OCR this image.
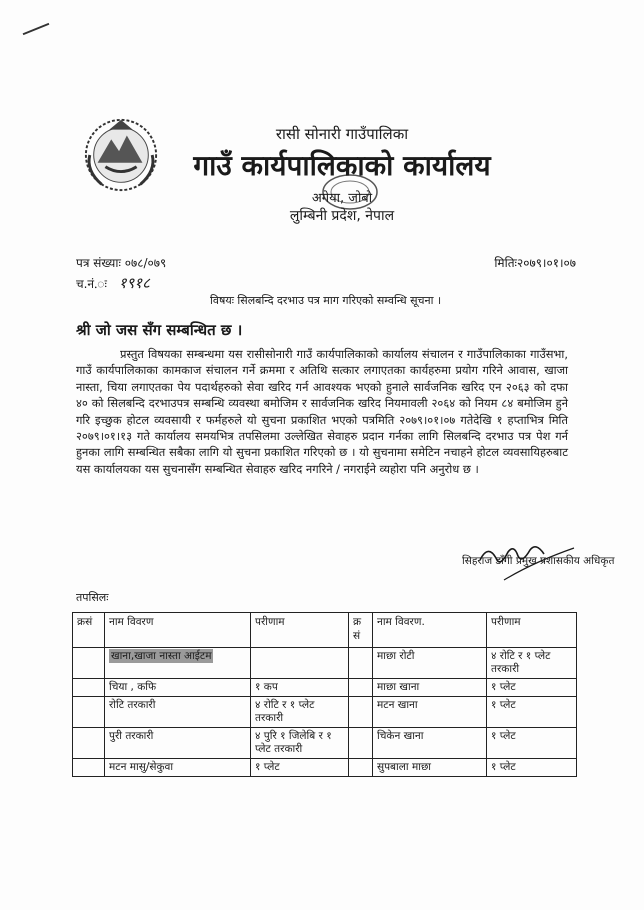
रासी सोनारी गाउँपालिका
गाउँ कार्यपालिकाको कार्यालय
अगेया, जोबो
लुम्बिनी प्रदेश, नेपाल
पत्र संख्याः ०७८/०७९
च.नं.ः १९१८
मितिः२०७९।०१।०७
विषयः सिलबन्दि दरभाउ पत्र माग गरिएको सम्वन्धि सूचना ।
श्री जो जस सँग सम्बन्धित छ ।

प्रस्तुत विषयका सम्बन्धमा यस रासीसोनारी गाउँ कार्यपालिकाको कार्यालय संचालन र गाउँपालिकाका गाउँसभा, गाउँ कार्यपालिकाका कामकाज संचालन गर्ने क्रममा र अतिथि सत्कार लगाएतका कार्यहरुमा प्रयोग गरिने आवास, खाजा नास्ता, चिया लगाएतका पेय पदार्थहरुको सेवा खरिद गर्न आवश्यक भएको हुनाले सार्वजनिक खरिद एन २०६३ को दफा ४० को सिलबन्दि दरभाउपत्र सम्बन्धि व्यवस्था बमोजिम र सार्वजनिक खरिद नियमावली २०६४ को नियम ८४ बमोजिम हुने गरि इच्छुक होटल व्यवसायी र फर्महरुले यो सुचना प्रकाशित भएको पत्रमिति २०७९।०१।०७ गतेदेखि १ हप्ताभित्र मिति २०७९।०१।१३ गते कार्यालय समयभित्र तपसिलमा उल्लेखित सेवाहरु प्रदान गर्नका लागि सिलबन्दि दरभाउ पत्र पेश गर्न हुनका लागि सम्बन्धित सबैका लागि यो सुचना प्रकाशित गरिएको छ । यो सुचनामा समेटिन नचाहने होटल व्यवसायिहरुबाट यस कार्यालयका यस सुचनासँग सम्बन्धित सेवाहरु खरिद नगरिने / नगराईने व्यहोरा पनि अनुरोध छ ।

सिहराज डाँगी प्रमुख प्रशासकीय अधिकृत
तपसिलः
क्रसं	नाम विवरण	परीणाम	क्र सं	नाम विवरण.	परीणाम
	खाना,खाजा नास्ता आईटम			माछा रोटी	४ रोटि र १ प्लेट तरकारी
	चिया , कफि	१ कप		माछा खाना	१ प्लेट
	रोटि तरकारी	४ रोटि र १ प्लेट तरकारी		मटन खाना	१ प्लेट
	पुरी तरकारी	४ पुरि १ जिलेबि र १ प्लेट तरकारी		चिकेन खाना	१ प्लेट
	मटन मासु/सेकुवा	१ प्लेट		सुपबाला माछा	१ प्लेट
